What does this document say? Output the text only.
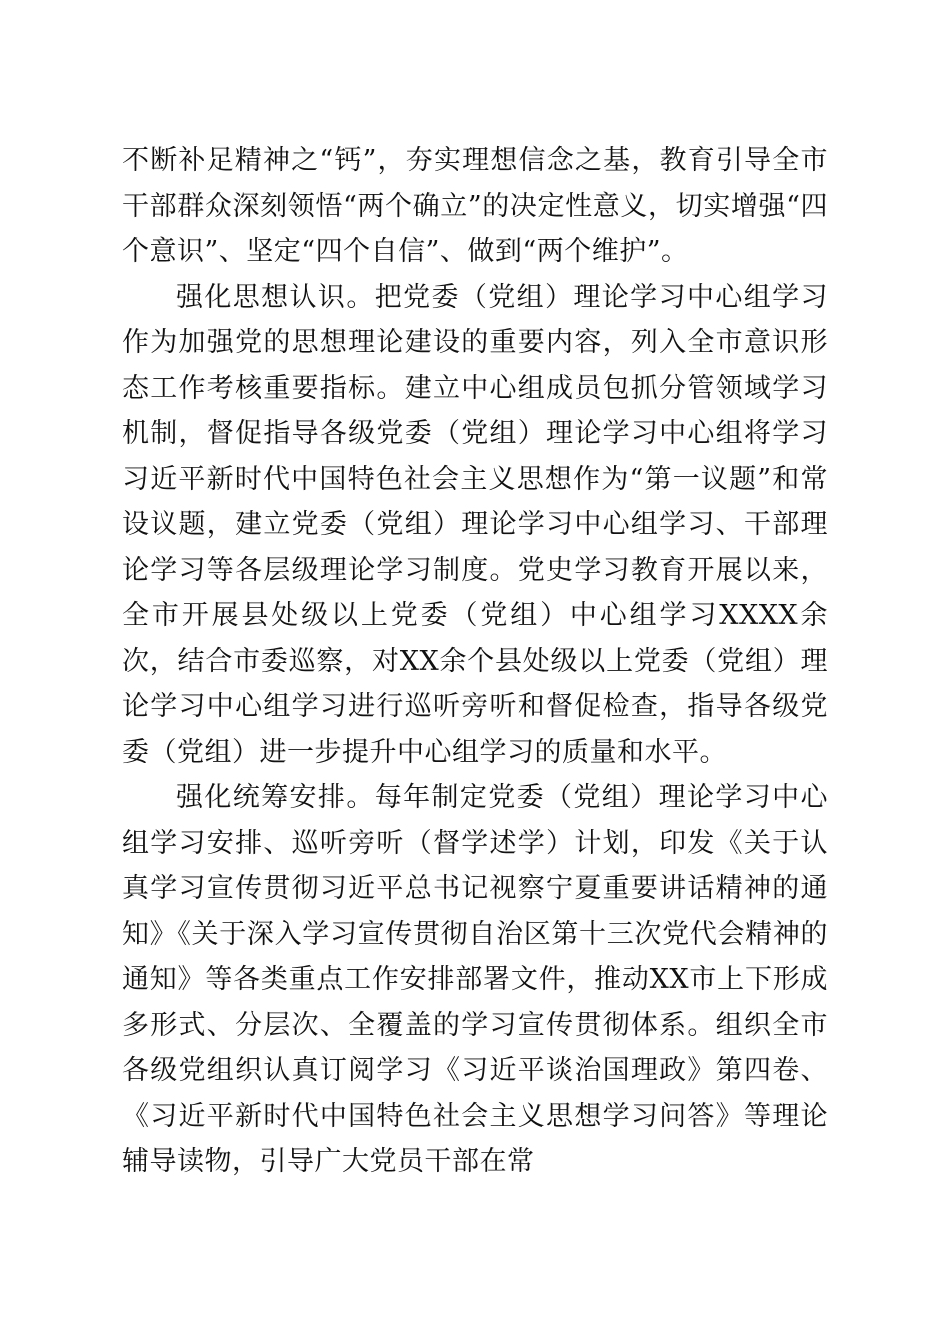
不断补足精神之“钙”，夯实理想信念之基，教育引导全市干部群众深刻领悟“两个确立”的决定性意义，切实增强“四个意识”、坚定“四个自信”、做到“两个维护”。

强化思想认识。把党委（党组）理论学习中心组学习作为加强党的思想理论建设的重要内容，列入全市意识形态工作考核重要指标。建立中心组成员包抓分管领域学习机制，督促指导各级党委（党组）理论学习中心组将学习习近平新时代中国特色社会主义思想作为“第一议题”和常设议题，建立党委（党组）理论学习中心组学习、干部理论学习等各层级理论学习制度。党史学习教育开展以来，全市开展县处级以上党委（党组）中心组学习XXXX余次，结合市委巡察，对XX余个县处级以上党委（党组）理论学习中心组学习进行巡听旁听和督促检查，指导各级党委（党组）进一步提升中心组学习的质量和水平。

强化统筹安排。每年制定党委（党组）理论学习中心组学习安排、巡听旁听（督学述学）计划，印发《关于认真学习宣传贯彻习近平总书记视察宁夏重要讲话精神的通知》《关于深入学习宣传贯彻自治区第十三次党代会精神的通知》等各类重点工作安排部署文件，推动XX市上下形成多形式、分层次、全覆盖的学习宣传贯彻体系。组织全市各级党组织认真订阅学习《习近平谈治国理政》第四卷、《习近平新时代中国特色社会主义思想学习问答》等理论辅导读物，引导广大党员干部在常
